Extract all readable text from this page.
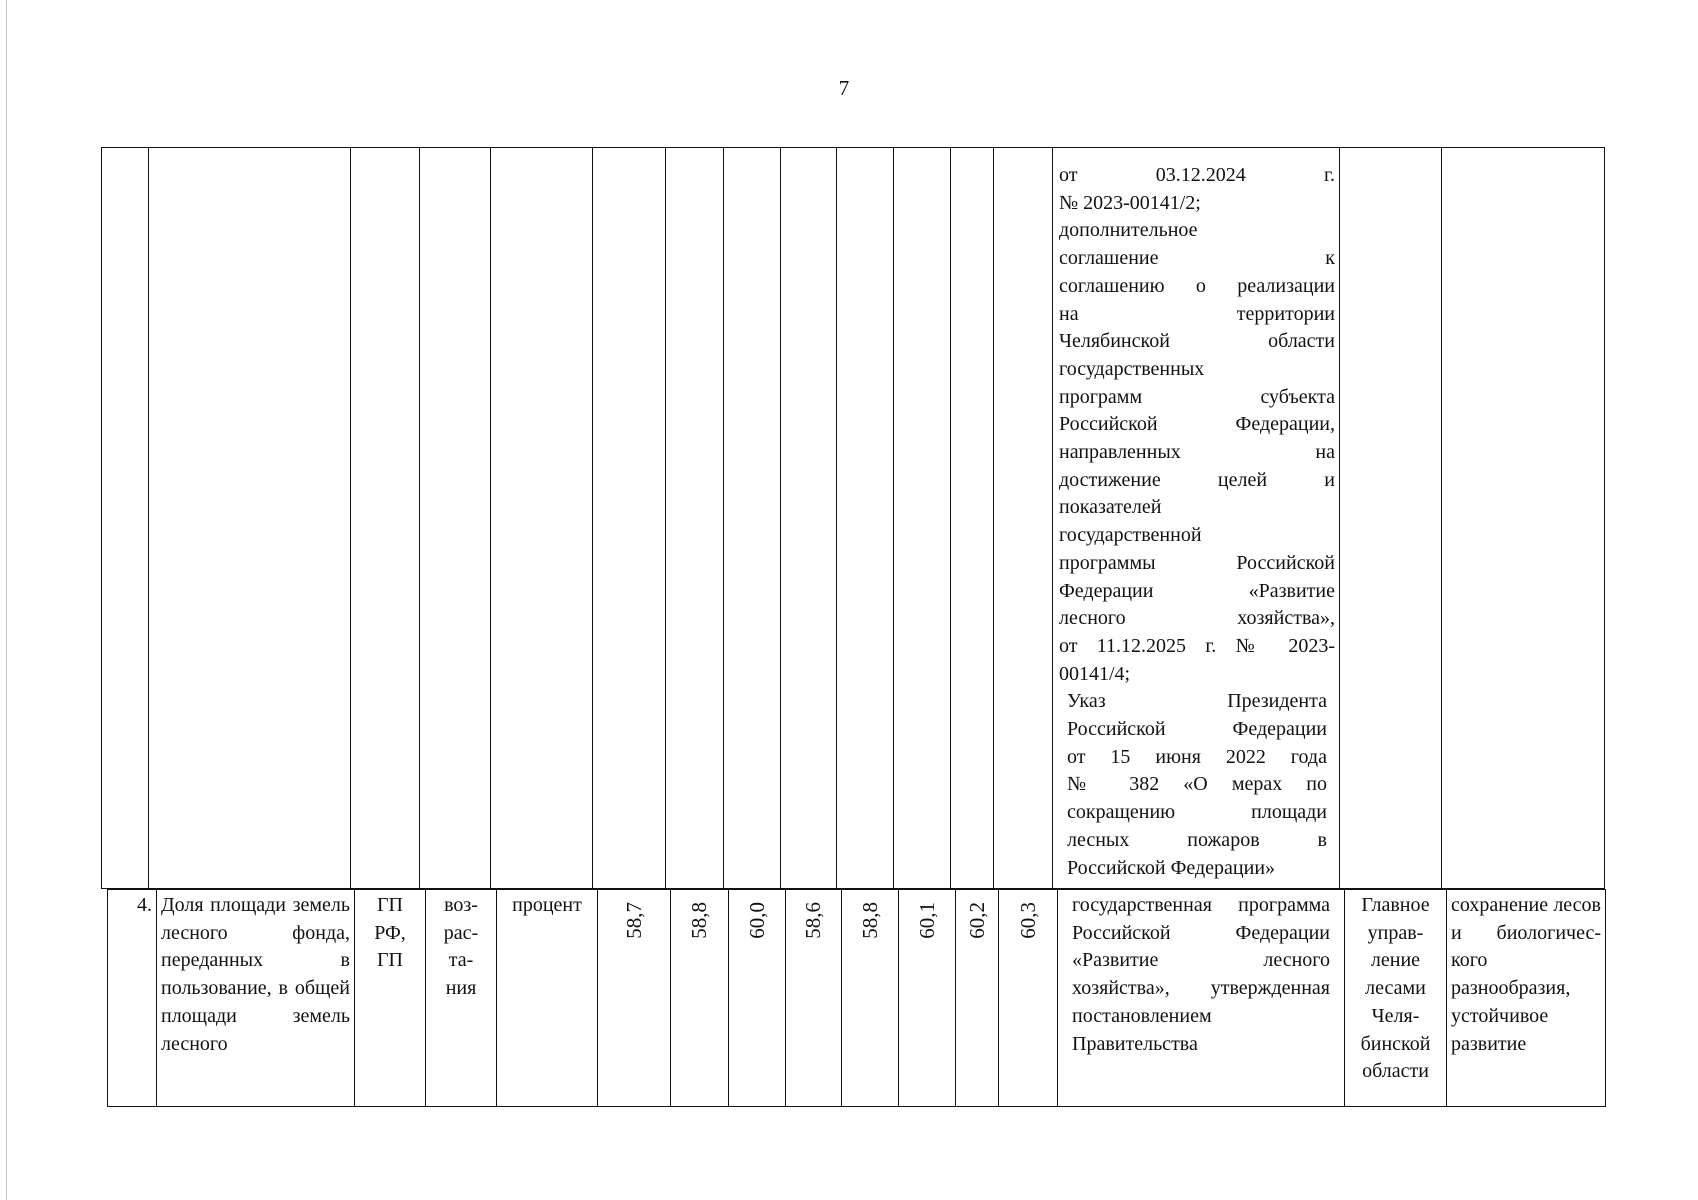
7

от 03.12.2024 г.
№ 2023-00141/2;
дополнительное
соглашение к
соглашению о реализации
на территории
Челябинской области
государственных
программ субъекта
Российской Федерации,
направленных на
достижение целей и
показателей
государственной
программы Российской
Федерации «Развитие
лесного хозяйства»,
от 11.12.2025 г. № 2023-
00141/4;
Указ Президента
Российской Федерации
от 15 июня 2022 года
№ 382 «О мерах по
сокращению площади
лесных пожаров в
Российской Федерации»

4.	Доля площади земель лесного фонда, переданных в пользование, в общей площади земель лесного	ГП РФ, ГП	воз-рас-та-ния	процент	58,7	58,8	60,0	58,6	58,8	60,1	60,2	60,3	государственная программа Российской Федерации «Развитие лесного хозяйства», утвержденная постановлением Правительства	Главное управ-ление лесами Челя-бинской области	сохранение лесов и биологичес-кого разнообразия, устойчивое развитие
